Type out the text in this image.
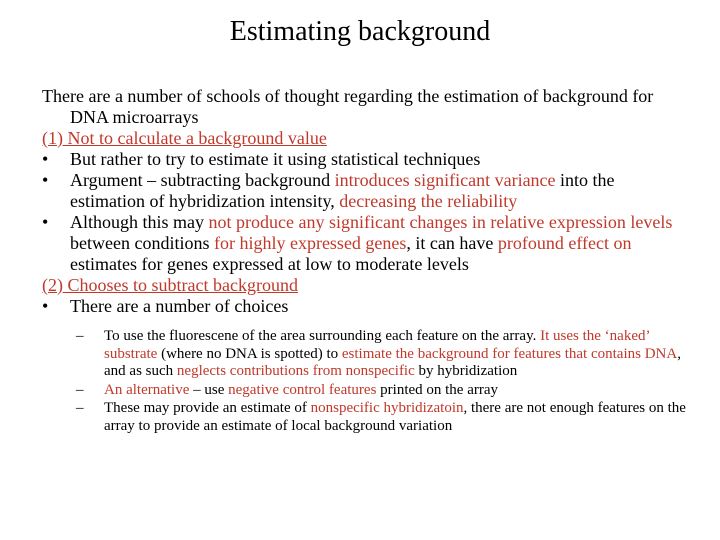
Estimating background
There are a number of schools of thought regarding the estimation of background for DNA microarrays
(1) Not to calculate a background value
•	But rather to try to estimate it using statistical techniques
•	Argument – subtracting background introduces significant variance into the estimation of hybridization intensity, decreasing the reliability
•	Although this may not produce any significant changes in relative expression levels between conditions for highly expressed genes, it can have profound effect on estimates for genes expressed at low to moderate levels
(2) Chooses to subtract background
•	There are a number of choices
– To use the fluorescene of the area surrounding each feature on the array. It uses the ‘naked’ substrate (where no DNA is spotted) to estimate the background for features that contains DNA, and as such neglects contributions from nonspecific by hybridization
– An alternative – use negative control features printed on the array
– These may provide an estimate of nonspecific hybridizatoin, there are not enough features on the array to provide an estimate of local background variation
